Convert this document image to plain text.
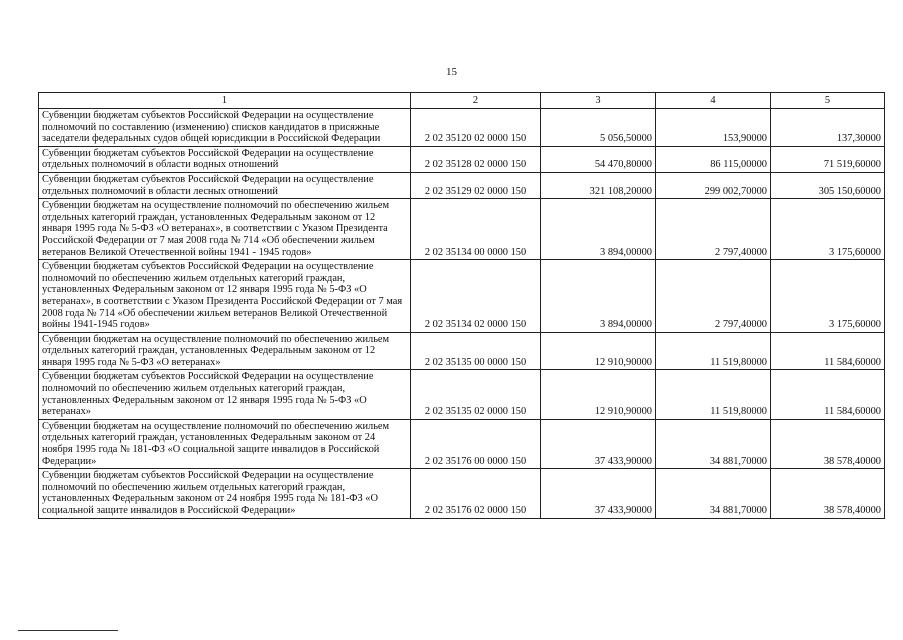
15
1	2	3	4	5
Субвенции бюджетам субъектов Российской Федерации на осуществление полномочий по составлению (изменению) списков кандидатов в присяжные заседатели федеральных судов общей юрисдикции в Российской Федерации	2 02 35120 02 0000 150	5 056,50000	153,90000	137,30000
Субвенции бюджетам субъектов Российской Федерации на осуществление отдельных полномочий в области водных отношений	2 02 35128 02 0000 150	54 470,80000	86 115,00000	71 519,60000
Субвенции бюджетам субъектов Российской Федерации на осуществление отдельных полномочий в области лесных отношений	2 02 35129 02 0000 150	321 108,20000	299 002,70000	305 150,60000
Субвенции бюджетам на осуществление полномочий по обеспечению жильем отдельных категорий граждан, установленных Федеральным законом от 12 января 1995 года № 5-ФЗ «О ветеранах», в соответствии с Указом Президента Российской Федерации от 7 мая 2008 года № 714 «Об обеспечении жильем ветеранов Великой Отечественной войны 1941 - 1945 годов»	2 02 35134 00 0000 150	3 894,00000	2 797,40000	3 175,60000
Субвенции бюджетам субъектов Российской Федерации на осуществление полномочий по обеспечению жильем отдельных категорий граждан, установленных Федеральным законом от 12 января 1995 года № 5-ФЗ «О ветеранах», в соответствии с Указом Президента Российской Федерации от 7 мая 2008 года № 714 «Об обеспечении жильем ветеранов Великой Отечественной войны 1941-1945 годов»	2 02 35134 02 0000 150	3 894,00000	2 797,40000	3 175,60000
Субвенции бюджетам на осуществление полномочий по обеспечению жильем отдельных категорий граждан, установленных Федеральным законом от 12 января 1995 года № 5-ФЗ «О ветеранах»	2 02 35135 00 0000 150	12 910,90000	11 519,80000	11 584,60000
Субвенции бюджетам субъектов Российской Федерации на осуществление полномочий по обеспечению жильем отдельных категорий граждан, установленных Федеральным законом от 12 января 1995 года № 5-ФЗ «О ветеранах»	2 02 35135 02 0000 150	12 910,90000	11 519,80000	11 584,60000
Субвенции бюджетам на осуществление полномочий по обеспечению жильем отдельных категорий граждан, установленных Федеральным законом от 24 ноября 1995 года № 181-ФЗ «О социальной защите инвалидов в Российской Федерации»	2 02 35176 00 0000 150	37 433,90000	34 881,70000	38 578,40000
Субвенции бюджетам субъектов Российской Федерации на осуществление полномочий по обеспечению жильем отдельных категорий граждан, установленных Федеральным законом от 24 ноября 1995 года № 181-ФЗ «О социальной защите инвалидов в Российской Федерации»	2 02 35176 02 0000 150	37 433,90000	34 881,70000	38 578,40000
